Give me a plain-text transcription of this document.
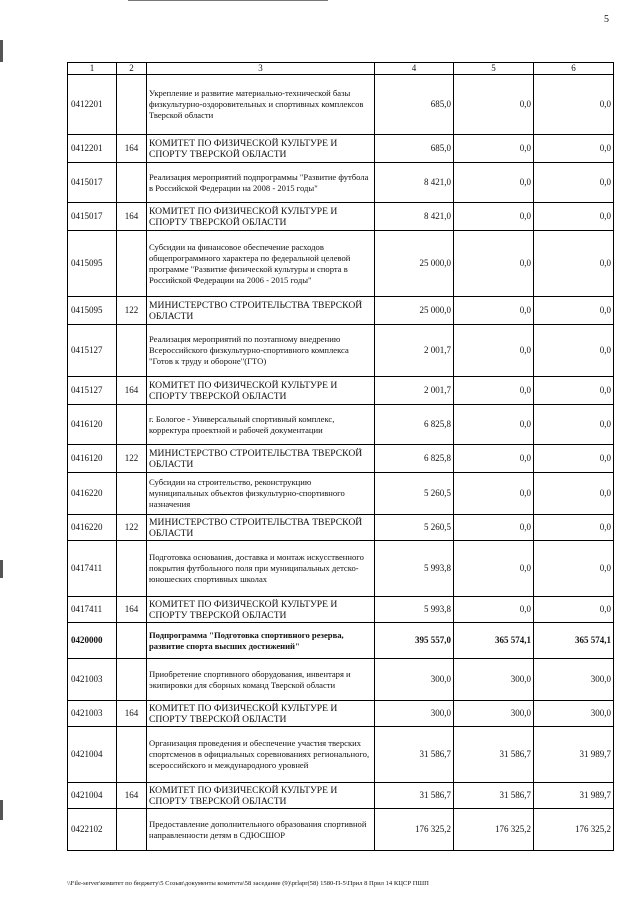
5
1	2	3	4	5	6
0412201		Укрепление и развитие материально-технической базы физкультурно-оздоровительных и спортивных комплексов Тверской области	685,0	0,0	0,0
0412201	164	КОМИТЕТ ПО ФИЗИЧЕСКОЙ КУЛЬТУРЕ И СПОРТУ ТВЕРСКОЙ ОБЛАСТИ	685,0	0,0	0,0
0415017		Реализация мероприятий подпрограммы "Развитие футбола в Российской Федерации на 2008 - 2015 годы"	8 421,0	0,0	0,0
0415017	164	КОМИТЕТ ПО ФИЗИЧЕСКОЙ КУЛЬТУРЕ И СПОРТУ ТВЕРСКОЙ ОБЛАСТИ	8 421,0	0,0	0,0
0415095		Субсидии на финансовое обеспечение расходов общепрограммного характера по федеральной целевой программе "Развитие физической культуры и спорта в Российской Федерации на 2006 - 2015 годы"	25 000,0	0,0	0,0
0415095	122	МИНИСТЕРСТВО СТРОИТЕЛЬСТВА ТВЕРСКОЙ ОБЛАСТИ	25 000,0	0,0	0,0
0415127		Реализация мероприятий по поэтапному внедрению Всероссийского физкультурно-спортивного комплекса "Готов к труду и обороне"(ГТО)	2 001,7	0,0	0,0
0415127	164	КОМИТЕТ ПО ФИЗИЧЕСКОЙ КУЛЬТУРЕ И СПОРТУ ТВЕРСКОЙ ОБЛАСТИ	2 001,7	0,0	0,0
0416120		г. Бологое - Универсальный спортивный комплекс, корректура проектной и рабочей документации	6 825,8	0,0	0,0
0416120	122	МИНИСТЕРСТВО СТРОИТЕЛЬСТВА ТВЕРСКОЙ ОБЛАСТИ	6 825,8	0,0	0,0
0416220		Субсидии на строительство, реконструкцию муниципальных объектов физкультурно-спортивного назначения	5 260,5	0,0	0,0
0416220	122	МИНИСТЕРСТВО СТРОИТЕЛЬСТВА ТВЕРСКОЙ ОБЛАСТИ	5 260,5	0,0	0,0
0417411		Подготовка основания, доставка и монтаж искусственного покрытия футбольного поля при муниципальных детско-юношеских спортивных школах	5 993,8	0,0	0,0
0417411	164	КОМИТЕТ ПО ФИЗИЧЕСКОЙ КУЛЬТУРЕ И СПОРТУ ТВЕРСКОЙ ОБЛАСТИ	5 993,8	0,0	0,0
0420000		Подпрограмма "Подготовка спортивного резерва, развитие спорта высших достижений"	395 557,0	365 574,1	365 574,1
0421003		Приобретение спортивного оборудования, инвентаря и экипировки для сборных команд Тверской области	300,0	300,0	300,0
0421003	164	КОМИТЕТ ПО ФИЗИЧЕСКОЙ КУЛЬТУРЕ И СПОРТУ ТВЕРСКОЙ ОБЛАСТИ	300,0	300,0	300,0
0421004		Организация проведения и обеспечение участия тверских спортсменов в официальных соревнованиях регионального, всероссийского и международного уровней	31 586,7	31 586,7	31 989,7
0421004	164	КОМИТЕТ ПО ФИЗИЧЕСКОЙ КУЛЬТУРЕ И СПОРТУ ТВЕРСКОЙ ОБЛАСТИ	31 586,7	31 586,7	31 989,7
0422102		Предоставление дополнительного образования спортивной направленности детям в СДЮСШОР	176 325,2	176 325,2	176 325,2
\\File-server\комитет по бюджету\5 Созыв\документы комитета\58 заседание (9)\prlapr(58) 1580-П-5\Прил 8 Прил 14 КЦСР ПШП
